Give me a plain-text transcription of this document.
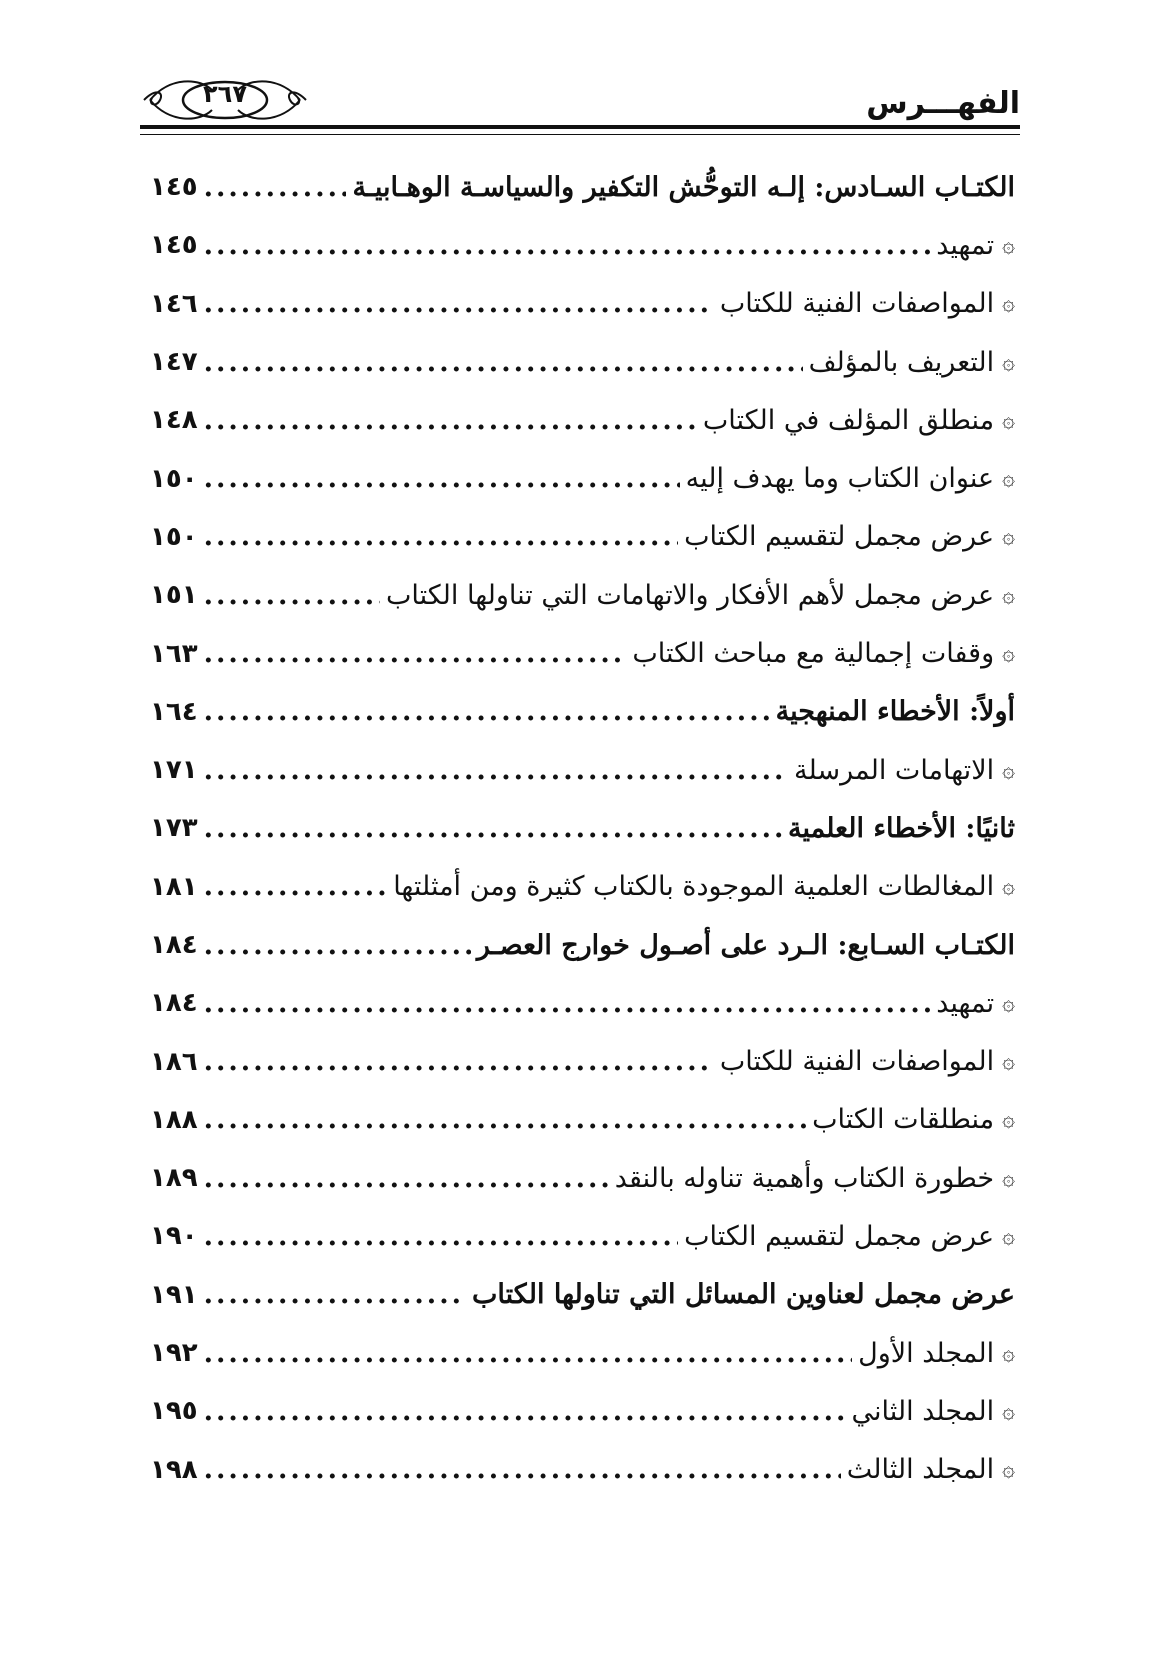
الفهـــرس
٢٦٧
الكتـاب السـادس: إلـه التوحُّش التكفير والسياسـة الوهـابيـة
.....
١٤٥
۞
تمهيد
.....
١٤٥
۞
المواصفات الفنية للكتاب
.....
١٤٦
۞
التعريف بالمؤلف
.....
١٤٧
۞
منطلق المؤلف في الكتاب
.....
١٤٨
۞
عنوان الكتاب وما يهدف إليه
.....
١٥٠
۞
عرض مجمل لتقسيم الكتاب
.....
١٥٠
۞
عرض مجمل لأهم الأفكار والاتهامات التي تناولها الكتاب
.....
١٥١
۞
وقفات إجمالية مع مباحث الكتاب
.....
١٦٣
أولاً: الأخطاء المنهجية
.....
١٦٤
۞
الاتهامات المرسلة
.....
١٧١
ثانيًا: الأخطاء العلمية
.....
١٧٣
۞
المغالطات العلمية الموجودة بالكتاب كثيرة ومن أمثلتها
.....
١٨١
الكتـاب السـابع: الـرد على أصـول خوارج العصـر
.....
١٨٤
۞
تمهيد
.....
١٨٤
۞
المواصفات الفنية للكتاب
.....
١٨٦
۞
منطلقات الكتاب
.....
١٨٨
۞
خطورة الكتاب وأهمية تناوله بالنقد
.....
١٨٩
۞
عرض مجمل لتقسيم الكتاب
.....
١٩٠
عرض مجمل لعناوين المسائل التي تناولها الكتاب
.....
١٩١
۞
المجلد الأول
.....
١٩٢
۞
المجلد الثاني
.....
١٩٥
۞
المجلد الثالث
.....
١٩٨
